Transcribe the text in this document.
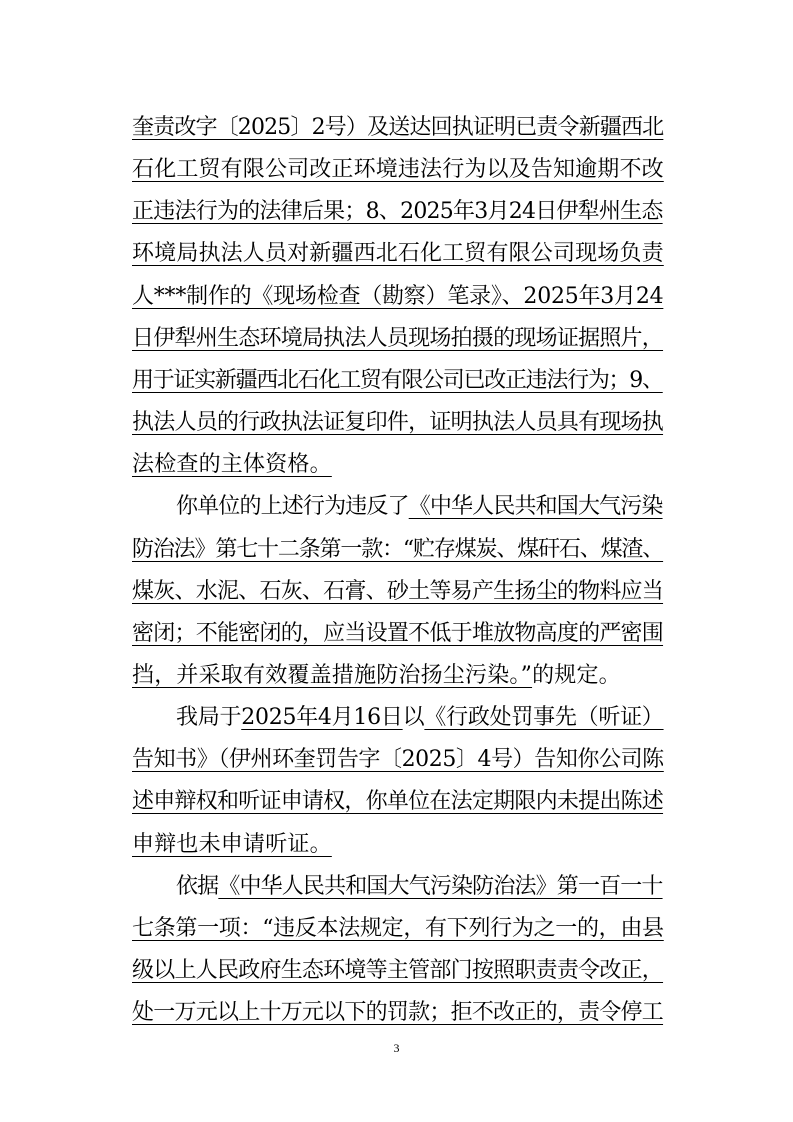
奎责改字〔2025〕2号）及送达回执证明已责令新疆西北
石化工贸有限公司改正环境违法行为以及告知逾期不改
正违法行为的法律后果；8、2025年3月24日伊犁州生态
环境局执法人员对新疆西北石化工贸有限公司现场负责
人***制作的《现场检查（勘察）笔录》、2025年3月24
日伊犁州生态环境局执法人员现场拍摄的现场证据照片，
用于证实新疆西北石化工贸有限公司已改正违法行为；9、
执法人员的行政执法证复印件，证明执法人员具有现场执
法检查的主体资格。
你单位的上述行为违反了《中华人民共和国大气污染
防治法》第七十二条第一款：“贮存煤炭、煤矸石、煤渣、
煤灰、水泥、石灰、石膏、砂土等易产生扬尘的物料应当
密闭；不能密闭的，应当设置不低于堆放物高度的严密围
挡，并采取有效覆盖措施防治扬尘污染。”的规定。
我局于2025年4月16日以《行政处罚事先（听证）
告知书》（伊州环奎罚告字〔2025〕4号）告知你公司陈
述申辩权和听证申请权，你单位在法定期限内未提出陈述
申辩也未申请听证。
依据《中华人民共和国大气污染防治法》第一百一十
七条第一项：“违反本法规定，有下列行为之一的，由县
级以上人民政府生态环境等主管部门按照职责责令改正，
处一万元以上十万元以下的罚款；拒不改正的，责令停工
3
